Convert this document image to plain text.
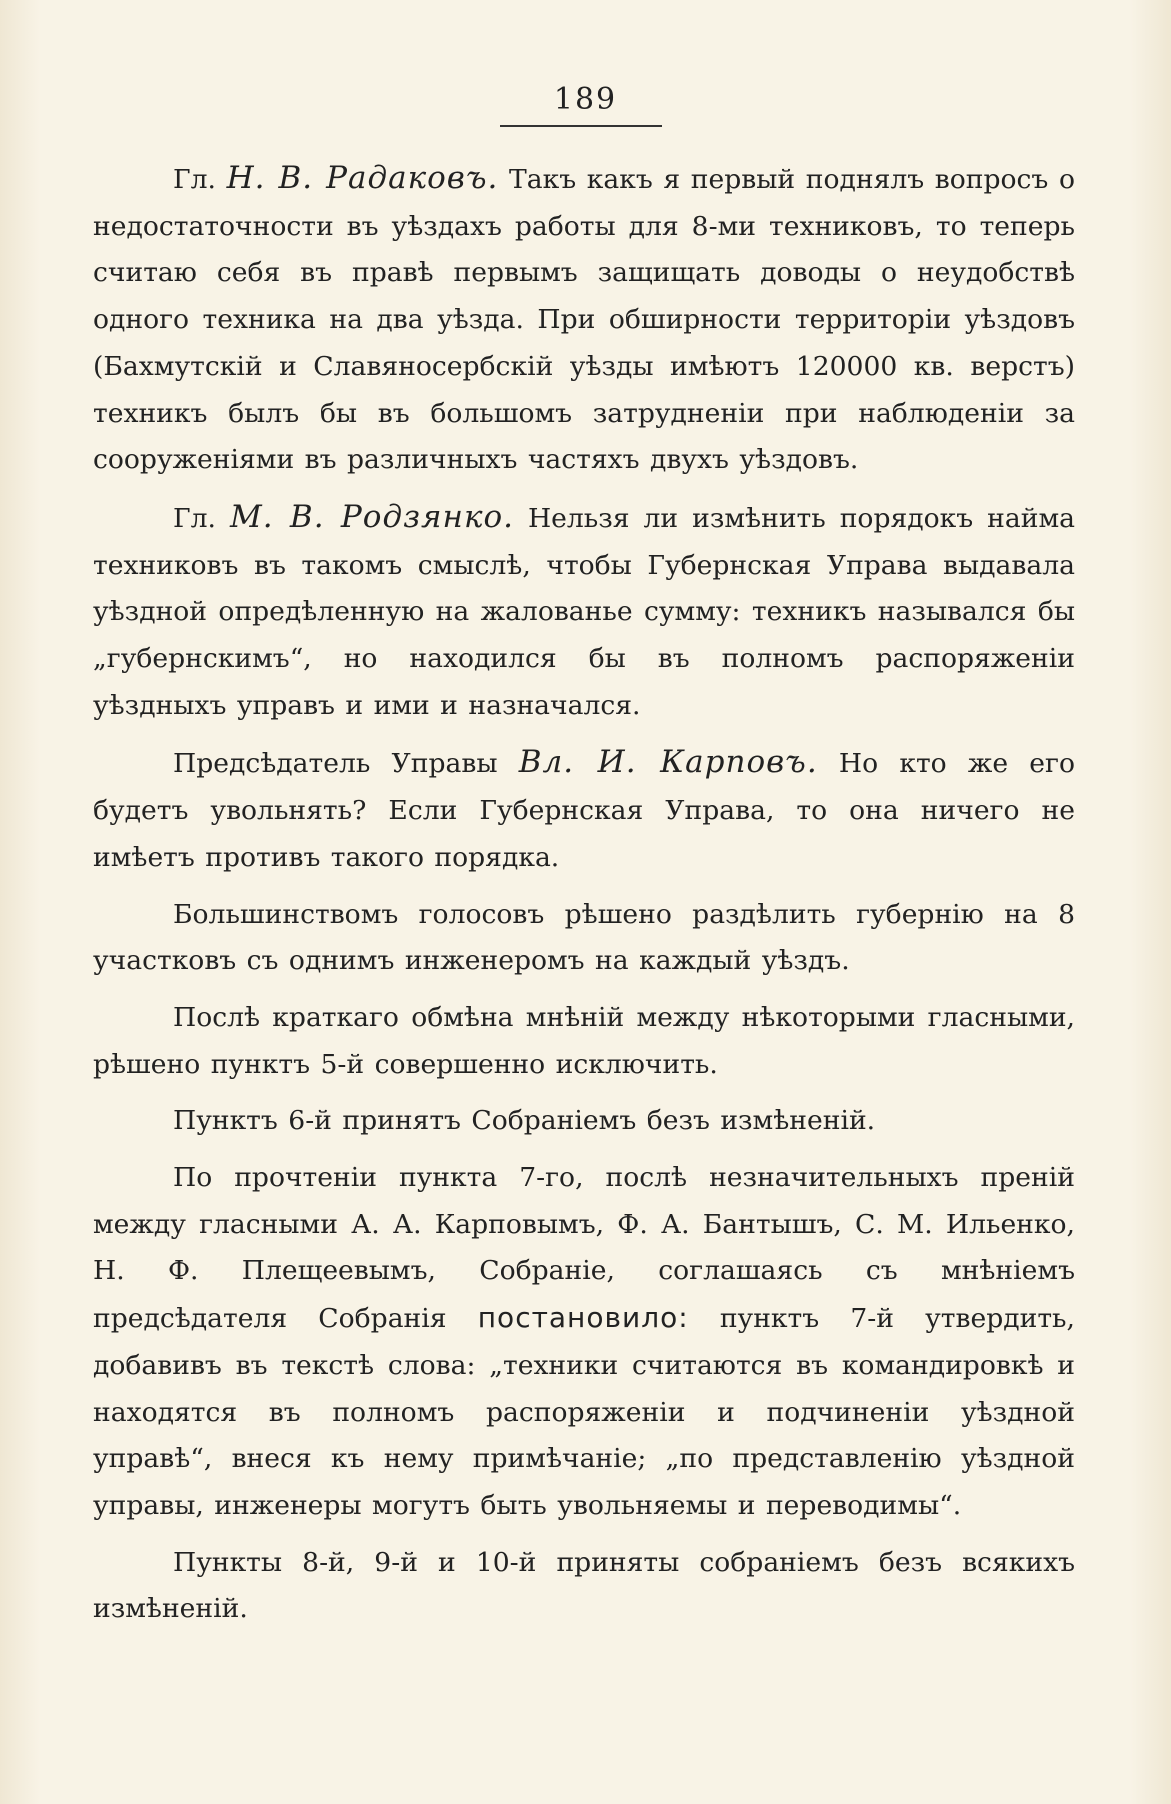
189

Гл. Н. В. Радаковъ. Такъ какъ я первый поднялъ вопросъ о недостаточности въ уѣздахъ работы для 8-ми техниковъ, то теперь считаю себя въ правѣ первымъ защищать доводы о неудобствѣ одного техника на два уѣзда. При обширности территоріи уѣздовъ (Бахмутскій и Славяносербскій уѣзды имѣютъ 120000 кв. верстъ) техникъ былъ бы въ большомъ затрудненіи при наблюденіи за сооруженіями въ различныхъ частяхъ двухъ уѣздовъ.

Гл. М. В. Родзянко. Нельзя ли измѣнить порядокъ найма техниковъ въ такомъ смыслѣ, чтобы Губернская Управа выдавала уѣздной опредѣленную на жалованье сумму: техникъ назывался бы „губернскимъ“, но находился бы въ полномъ распоряженіи уѣздныхъ управъ и ими и назначался.

Предсѣдатель Управы Вл. И. Карповъ. Но кто же его будетъ увольнять? Если Губернская Управа, то она ничего не имѣетъ противъ такого порядка.

Большинствомъ голосовъ рѣшено раздѣлить губернію на 8 участковъ съ однимъ инженеромъ на каждый уѣздъ.

Послѣ краткаго обмѣна мнѣній между нѣкоторыми гласными, рѣшено пунктъ 5-й совершенно исключить.

Пунктъ 6-й принятъ Собраніемъ безъ измѣненій.

По прочтеніи пункта 7-го, послѣ незначительныхъ преній между гласными А. А. Карповымъ, Ф. А. Бантышъ, С. М. Ильенко, Н. Ф. Плещеевымъ, Собраніе, соглашаясь съ мнѣніемъ предсѣдателя Собранія постановило: пунктъ 7-й утвердить, добавивъ въ текстѣ слова: „техники считаются въ командировкѣ и находятся въ полномъ распоряженіи и подчиненіи уѣздной управѣ“, внеся къ нему примѣчаніе; „по представленію уѣздной управы, инженеры могутъ быть увольняемы и переводимы“.

Пункты 8-й, 9-й и 10-й приняты собраніемъ безъ всякихъ измѣненій.
